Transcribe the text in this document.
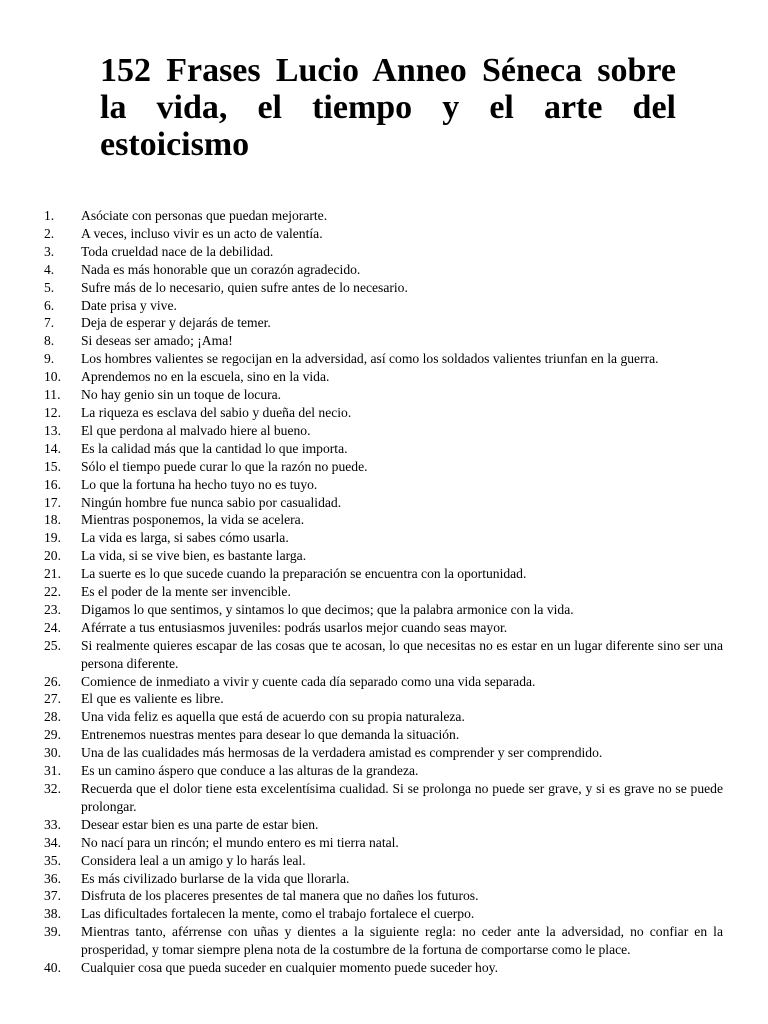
152 Frases Lucio Anneo Séneca sobre la vida, el tiempo y el arte del estoicismo
1.	Asóciate con personas que puedan mejorarte.
2.	A veces, incluso vivir es un acto de valentía.
3.	Toda crueldad nace de la debilidad.
4.	Nada es más honorable que un corazón agradecido.
5.	Sufre más de lo necesario, quien sufre antes de lo necesario.
6.	Date prisa y vive.
7.	Deja de esperar y dejarás de temer.
8.	Si deseas ser amado; ¡Ama!
9.	Los hombres valientes se regocijan en la adversidad, así como los soldados valientes triunfan en la guerra.
10.	Aprendemos no en la escuela, sino en la vida.
11.	No hay genio sin un toque de locura.
12.	La riqueza es esclava del sabio y dueña del necio.
13.	El que perdona al malvado hiere al bueno.
14.	Es la calidad más que la cantidad lo que importa.
15.	Sólo el tiempo puede curar lo que la razón no puede.
16.	Lo que la fortuna ha hecho tuyo no es tuyo.
17.	Ningún hombre fue nunca sabio por casualidad.
18.	Mientras posponemos, la vida se acelera.
19.	La vida es larga, si sabes cómo usarla.
20.	La vida, si se vive bien, es bastante larga.
21.	La suerte es lo que sucede cuando la preparación se encuentra con la oportunidad.
22.	Es el poder de la mente ser invencible.
23.	Digamos lo que sentimos, y sintamos lo que decimos; que la palabra armonice con la vida.
24.	Aférrate a tus entusiasmos juveniles: podrás usarlos mejor cuando seas mayor.
25.	Si realmente quieres escapar de las cosas que te acosan, lo que necesitas no es estar en un lugar diferente sino ser una persona diferente.
26.	Comience de inmediato a vivir y cuente cada día separado como una vida separada.
27.	El que es valiente es libre.
28.	Una vida feliz es aquella que está de acuerdo con su propia naturaleza.
29.	Entrenemos nuestras mentes para desear lo que demanda la situación.
30.	Una de las cualidades más hermosas de la verdadera amistad es comprender y ser comprendido.
31.	Es un camino áspero que conduce a las alturas de la grandeza.
32.	Recuerda que el dolor tiene esta excelentísima cualidad. Si se prolonga no puede ser grave, y si es grave no se puede prolongar.
33.	Desear estar bien es una parte de estar bien.
34.	No nací para un rincón; el mundo entero es mi tierra natal.
35.	Considera leal a un amigo y lo harás leal.
36.	Es más civilizado burlarse de la vida que llorarla.
37.	Disfruta de los placeres presentes de tal manera que no dañes los futuros.
38.	Las dificultades fortalecen la mente, como el trabajo fortalece el cuerpo.
39.	Mientras tanto, aférrense con uñas y dientes a la siguiente regla: no ceder ante la adversidad, no confiar en la prosperidad, y tomar siempre plena nota de la costumbre de la fortuna de comportarse como le place.
40.	Cualquier cosa que pueda suceder en cualquier momento puede suceder hoy.
